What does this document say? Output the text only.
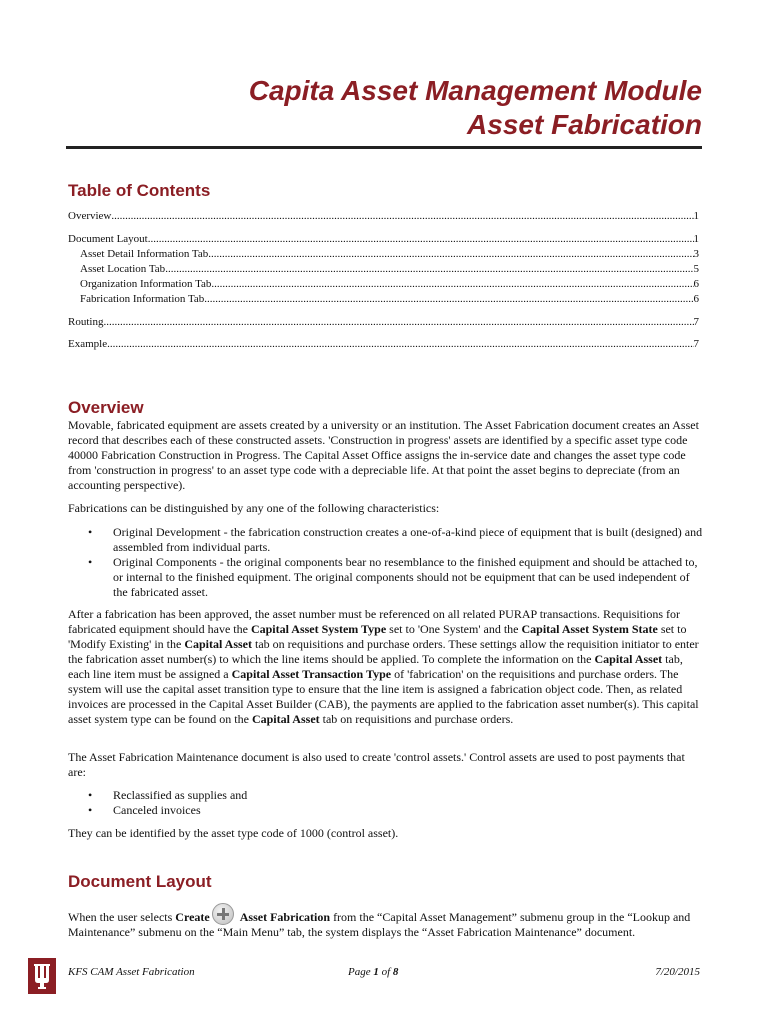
Capita Asset Management Module
Asset Fabrication
Table of Contents
Overview .....	1
Document Layout .....	1
Asset Detail Information Tab .....	3
Asset Location Tab .....	5
Organization Information Tab .....	6
Fabrication Information Tab .....	6
Routing .....	7
Example .....	7
Overview

Movable, fabricated equipment are assets created by a university or an institution. The Asset Fabrication document creates an Asset record that describes each of these constructed assets. 'Construction in progress' assets are identified by a specific asset type code 40000 Fabrication Construction in Progress. The Capital Asset Office assigns the in-service date and changes the asset type code from 'construction in progress' to an asset type code with a depreciable life. At that point the asset begins to depreciate (from an accounting perspective).

Fabrications can be distinguished by any one of the following characteristics:

• Original Development - the fabrication construction creates a one-of-a-kind piece of equipment that is built (designed) and assembled from individual parts.

• Original Components - the original components bear no resemblance to the finished equipment and should be attached to, or internal to the finished equipment. The original components should not be equipment that can be used independent of the fabricated asset.

After a fabrication has been approved, the asset number must be referenced on all related PURAP transactions. Requisitions for fabricated equipment should have the Capital Asset System Type set to 'One System' and the Capital Asset System State set to 'Modify Existing' in the Capital Asset tab on requisitions and purchase orders. These settings allow the requisition initiator to enter the fabrication asset number(s) to which the line items should be applied. To complete the information on the Capital Asset tab, each line item must be assigned a Capital Asset Transaction Type of 'fabrication' on the requisitions and purchase orders. The system will use the capital asset transition type to ensure that the line item is assigned a fabrication object code. Then, as related invoices are processed in the Capital Asset Builder (CAB), the payments are applied to the fabrication asset number(s). This capital asset system type can be found on the Capital Asset tab on requisitions and purchase orders.

The Asset Fabrication Maintenance document is also used to create 'control assets.' Control assets are used to post payments that are:

• Reclassified as supplies and

• Canceled invoices

They can be identified by the asset type code of 1000 (control asset).

Document Layout

When the user selects Create	Asset Fabrication from the “Capital Asset Management” submenu group in the “Lookup and Maintenance” submenu on the “Main Menu” tab, the system displays the “Asset Fabrication Maintenance” document.

KFS CAM Asset Fabrication	Page 1 of 8	7/20/2015
